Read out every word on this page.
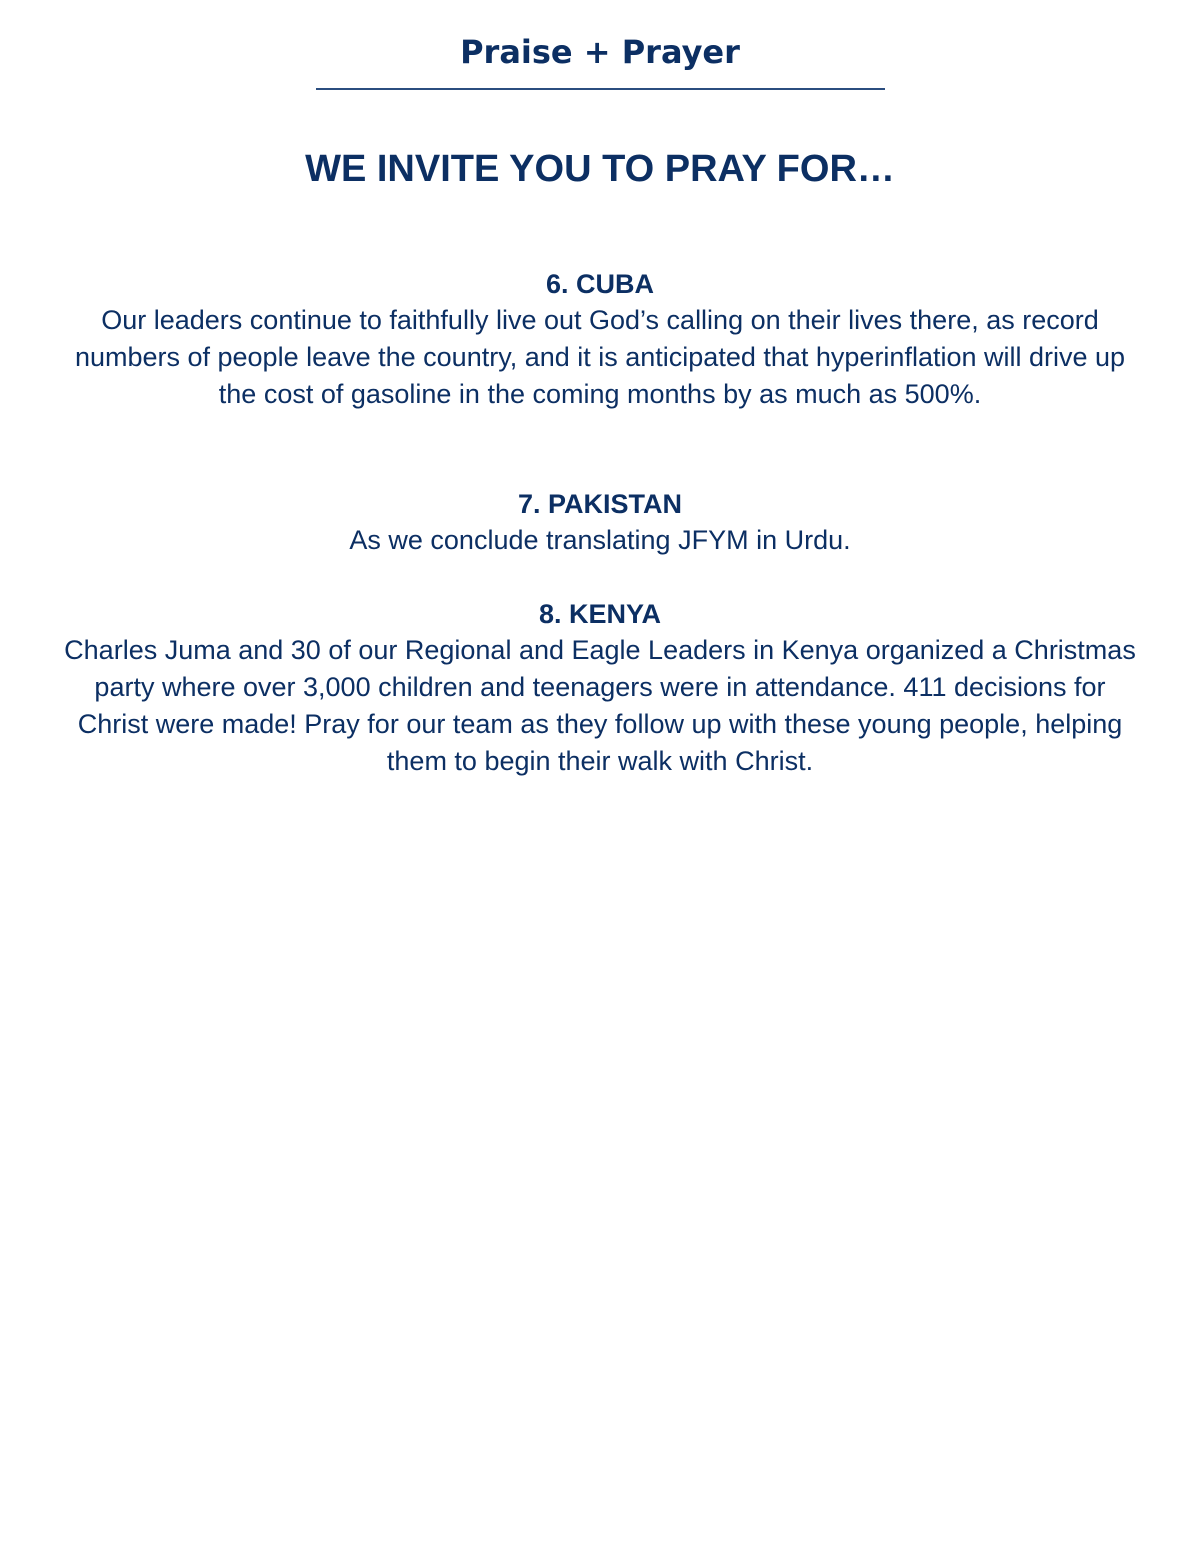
Praise + Prayer
WE INVITE YOU TO PRAY FOR…
6. CUBA
Our leaders continue to faithfully live out God’s calling on their lives there, as record numbers of people leave the country, and it is anticipated that hyperinflation will drive up the cost of gasoline in the coming months by as much as 500%.
7. PAKISTAN
As we conclude translating JFYM in Urdu.
8. KENYA
Charles Juma and 30 of our Regional and Eagle Leaders in Kenya organized a Christmas party where over 3,000 children and teenagers were in attendance. 411 decisions for Christ were made! Pray for our team as they follow up with these young people, helping them to begin their walk with Christ.
